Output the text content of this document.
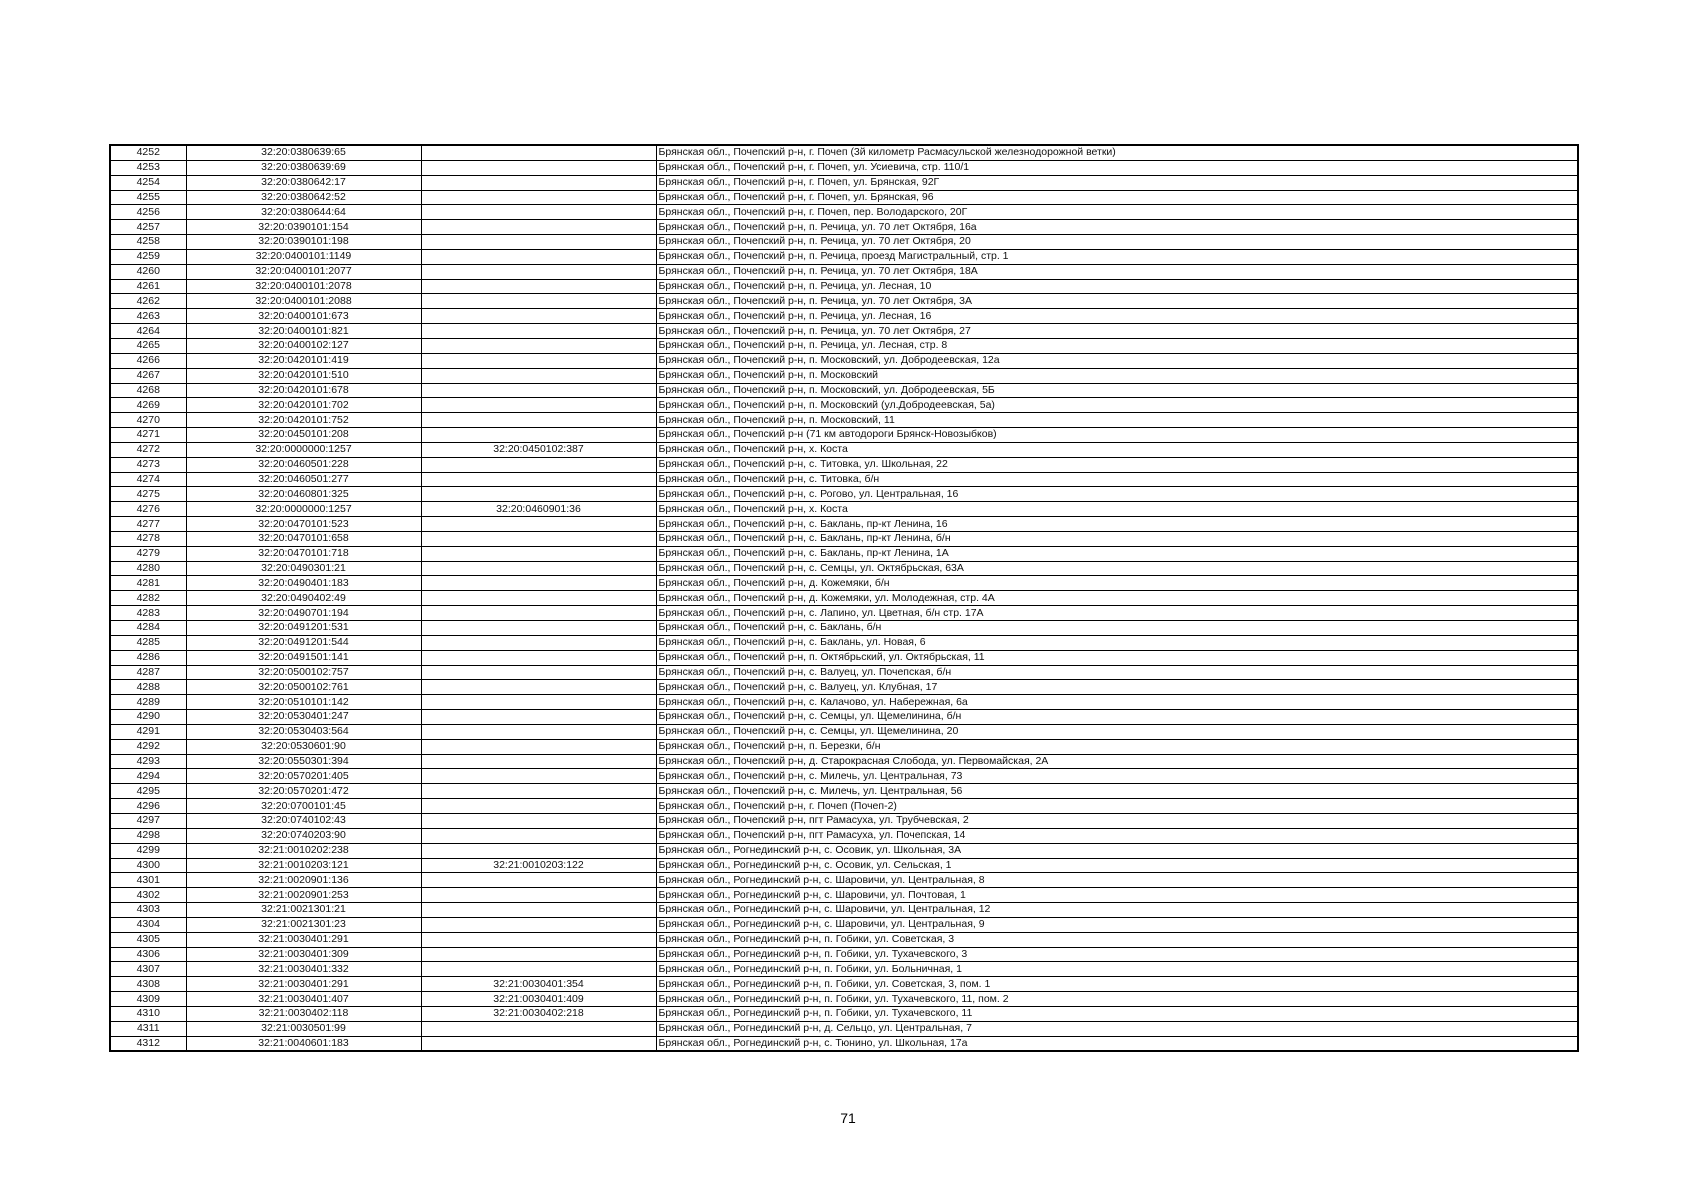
4252	32:20:0380639:65		Брянская обл., Почепский р-н, г. Почеп (3й километр Расмасульской железнодорожной ветки)
4253	32:20:0380639:69		Брянская обл., Почепский р-н, г. Почеп, ул. Усиевича, стр. 110/1
4254	32:20:0380642:17		Брянская обл., Почепский р-н, г. Почеп, ул. Брянская, 92Г
4255	32:20:0380642:52		Брянская обл., Почепский р-н, г. Почеп, ул. Брянская, 96
4256	32:20:0380644:64		Брянская обл., Почепский р-н, г. Почеп, пер. Володарского, 20Г
4257	32:20:0390101:154		Брянская обл., Почепский р-н, п. Речица, ул. 70 лет Октября, 16а
4258	32:20:0390101:198		Брянская обл., Почепский р-н, п. Речица, ул. 70 лет Октября, 20
4259	32:20:0400101:1149		Брянская обл., Почепский р-н, п. Речица, проезд Магистральный, стр. 1
4260	32:20:0400101:2077		Брянская обл., Почепский р-н, п. Речица, ул. 70 лет Октября, 18А
4261	32:20:0400101:2078		Брянская обл., Почепский р-н, п. Речица, ул. Лесная, 10
4262	32:20:0400101:2088		Брянская обл., Почепский р-н, п. Речица, ул. 70 лет Октября, 3А
4263	32:20:0400101:673		Брянская обл., Почепский р-н, п. Речица, ул. Лесная, 16
4264	32:20:0400101:821		Брянская обл., Почепский р-н, п. Речица, ул. 70 лет Октября, 27
4265	32:20:0400102:127		Брянская обл., Почепский р-н, п. Речица, ул. Лесная, стр. 8
4266	32:20:0420101:419		Брянская обл., Почепский р-н, п. Московский, ул. Добродеевская, 12а
4267	32:20:0420101:510		Брянская обл., Почепский р-н, п. Московский
4268	32:20:0420101:678		Брянская обл., Почепский р-н, п. Московский, ул. Добродеевская, 5Б
4269	32:20:0420101:702		Брянская обл., Почепский р-н, п. Московский (ул.Добродеевская, 5а)
4270	32:20:0420101:752		Брянская обл., Почепский р-н, п. Московский, 11
4271	32:20:0450101:208		Брянская обл., Почепский р-н (71 км автодороги Брянск-Новозыбков)
4272	32:20:0000000:1257	32:20:0450102:387	Брянская обл., Почепский р-н, х. Коста
4273	32:20:0460501:228		Брянская обл., Почепский р-н, с. Титовка, ул. Школьная, 22
4274	32:20:0460501:277		Брянская обл., Почепский р-н, с. Титовка, б/н
4275	32:20:0460801:325		Брянская обл., Почепский р-н, с. Рогово, ул. Центральная, 16
4276	32:20:0000000:1257	32:20:0460901:36	Брянская обл., Почепский р-н, х. Коста
4277	32:20:0470101:523		Брянская обл., Почепский р-н, с. Баклань, пр-кт Ленина, 16
4278	32:20:0470101:658		Брянская обл., Почепский р-н, с. Баклань, пр-кт Ленина, б/н
4279	32:20:0470101:718		Брянская обл., Почепский р-н, с. Баклань, пр-кт Ленина, 1А
4280	32:20:0490301:21		Брянская обл., Почепский р-н, с. Семцы, ул. Октябрьская, 63А
4281	32:20:0490401:183		Брянская обл., Почепский р-н, д. Кожемяки, б/н
4282	32:20:0490402:49		Брянская обл., Почепский р-н, д. Кожемяки, ул. Молодежная, стр. 4А
4283	32:20:0490701:194		Брянская обл., Почепский р-н, с. Лапино, ул. Цветная, б/н стр. 17А
4284	32:20:0491201:531		Брянская обл., Почепский р-н, с. Баклань, б/н
4285	32:20:0491201:544		Брянская обл., Почепский р-н, с. Баклань, ул. Новая, 6
4286	32:20:0491501:141		Брянская обл., Почепский р-н, п. Октябрьский, ул. Октябрьская, 11
4287	32:20:0500102:757		Брянская обл., Почепский р-н, с. Валуец, ул. Почепская, б/н
4288	32:20:0500102:761		Брянская обл., Почепский р-н, с. Валуец, ул. Клубная, 17
4289	32:20:0510101:142		Брянская обл., Почепский р-н, с. Калачово, ул. Набережная, 6а
4290	32:20:0530401:247		Брянская обл., Почепский р-н, с. Семцы, ул. Щемелинина, б/н
4291	32:20:0530403:564		Брянская обл., Почепский р-н, с. Семцы, ул. Щемелинина, 20
4292	32:20:0530601:90		Брянская обл., Почепский р-н, п. Березки, б/н
4293	32:20:0550301:394		Брянская обл., Почепский р-н, д. Старокрасная Слобода, ул. Первомайская, 2А
4294	32:20:0570201:405		Брянская обл., Почепский р-н, с. Милечь, ул. Центральная, 73
4295	32:20:0570201:472		Брянская обл., Почепский р-н, с. Милечь, ул. Центральная, 56
4296	32:20:0700101:45		Брянская обл., Почепский р-н, г. Почеп (Почеп-2)
4297	32:20:0740102:43		Брянская обл., Почепский р-н, пгт Рамасуха, ул. Трубчевская, 2
4298	32:20:0740203:90		Брянская обл., Почепский р-н, пгт Рамасуха, ул. Почепская, 14
4299	32:21:0010202:238		Брянская обл., Рогнединский р-н, с. Осовик, ул. Школьная, 3А
4300	32:21:0010203:121	32:21:0010203:122	Брянская обл., Рогнединский р-н, с. Осовик, ул. Сельская, 1
4301	32:21:0020901:136		Брянская обл., Рогнединский р-н, с. Шаровичи, ул. Центральная, 8
4302	32:21:0020901:253		Брянская обл., Рогнединский р-н, с. Шаровичи, ул. Почтовая, 1
4303	32:21:0021301:21		Брянская обл., Рогнединский р-н, с. Шаровичи, ул. Центральная, 12
4304	32:21:0021301:23		Брянская обл., Рогнединский р-н, с. Шаровичи, ул. Центральная, 9
4305	32:21:0030401:291		Брянская обл., Рогнединский р-н, п. Гобики, ул. Советская, 3
4306	32:21:0030401:309		Брянская обл., Рогнединский р-н, п. Гобики, ул. Тухачевского, 3
4307	32:21:0030401:332		Брянская обл., Рогнединский р-н, п. Гобики, ул. Больничная, 1
4308	32:21:0030401:291	32:21:0030401:354	Брянская обл., Рогнединский р-н, п. Гобики, ул. Советская, 3, пом. 1
4309	32:21:0030401:407	32:21:0030401:409	Брянская обл., Рогнединский р-н, п. Гобики, ул. Тухачевского, 11, пом. 2
4310	32:21:0030402:118	32:21:0030402:218	Брянская обл., Рогнединский р-н, п. Гобики, ул. Тухачевского, 11
4311	32:21:0030501:99		Брянская обл., Рогнединский р-н, д. Сельцо, ул. Центральная, 7
4312	32:21:0040601:183		Брянская обл., Рогнединский р-н, с. Тюнино, ул. Школьная, 17а
71
